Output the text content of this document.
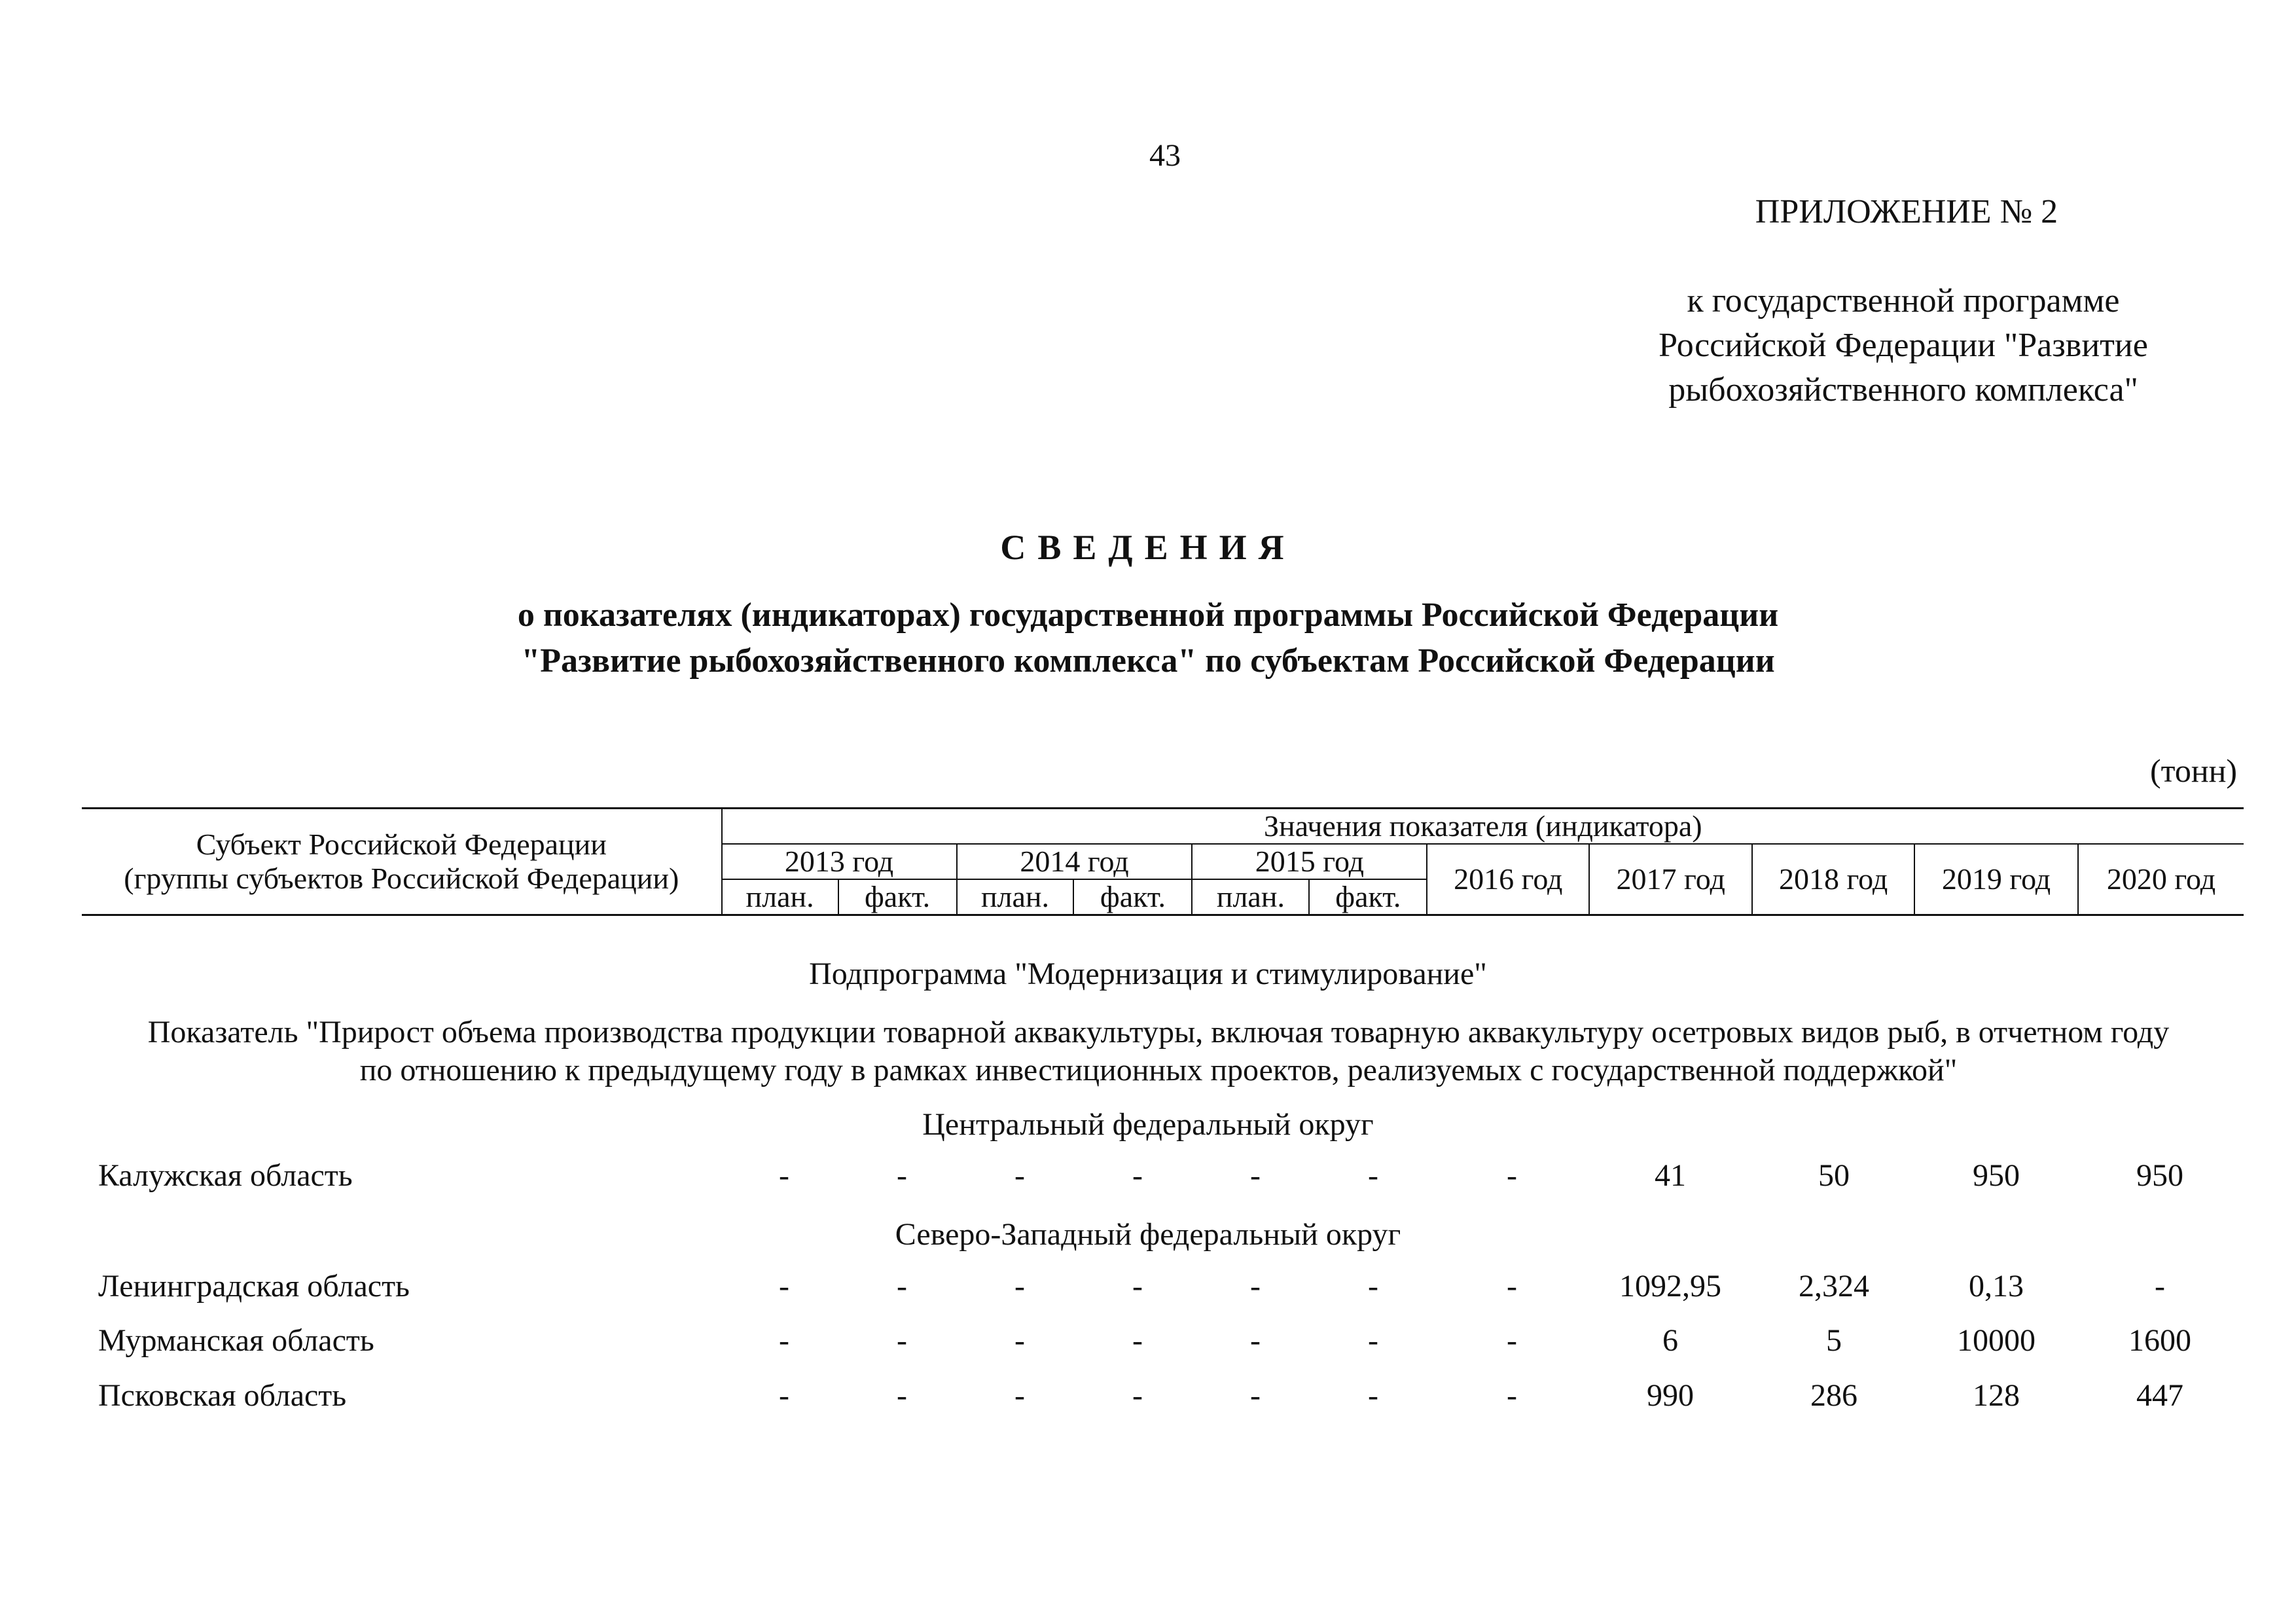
43
ПРИЛОЖЕНИЕ № 2

к государственной программе
Российской Федерации "Развитие
рыбохозяйственного комплекса"
СВЕДЕНИЯ
о показателях (индикаторах) государственной программы Российской Федерации
"Развитие рыбохозяйственного комплекса" по субъектам Российской Федерации
(тонн)
Субъект Российской Федерации
(группы субъектов Российской Федерации)	Значения показателя (индикатора)										
	2013 год		2014 год		2015 год		2016 год	2017 год	2018 год	2019 год	2020 год
	план.	факт.	план.	факт.	план.	факт.					
Подпрограмма "Модернизация и стимулирование"
Показатель "Прирост объема производства продукции товарной аквакультуры, включая товарную аквакультуру осетровых видов рыб, в отчетном году
по отношению к предыдущему году в рамках инвестиционных проектов, реализуемых с государственной поддержкой"
Центральный федеральный округ
Калужская область	-	-	-	-	-	-	-	41	50	950	950
Северо-Западный федеральный округ
Ленинградская область	-	-	-	-	-	-	-	1092,95	2,324	0,13	-
Мурманская область	-	-	-	-	-	-	-	6	5	10000	1600
Псковская область	-	-	-	-	-	-	-	990	286	128	447
